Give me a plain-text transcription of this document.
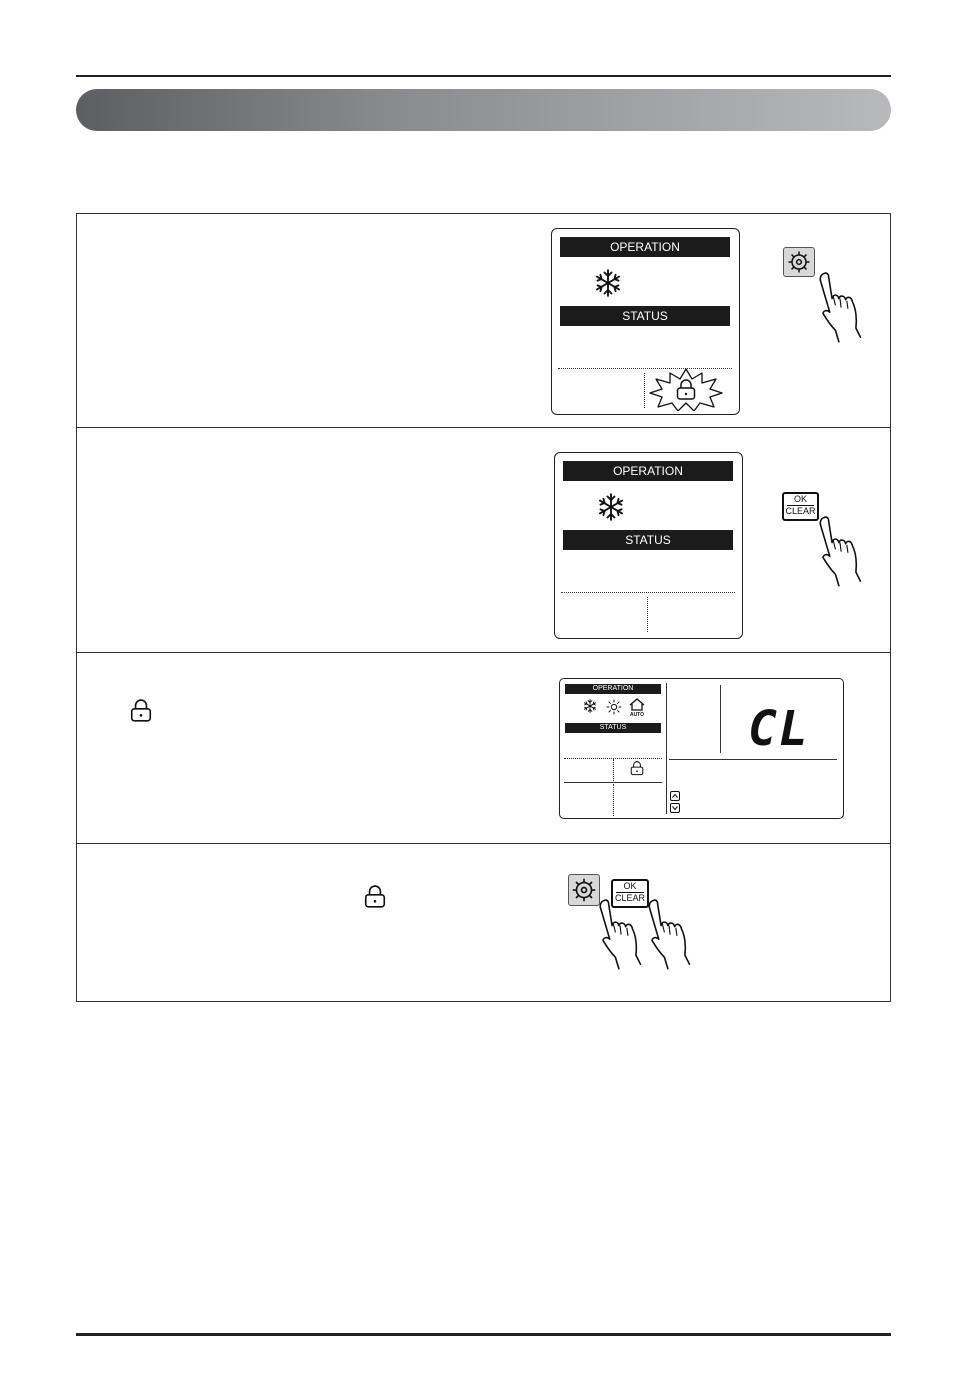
OPERATION
STATUS
OPERATION
STATUS
OK
CLEAR
OPERATION
AUTO
STATUS	CL
OK
CLEAR
